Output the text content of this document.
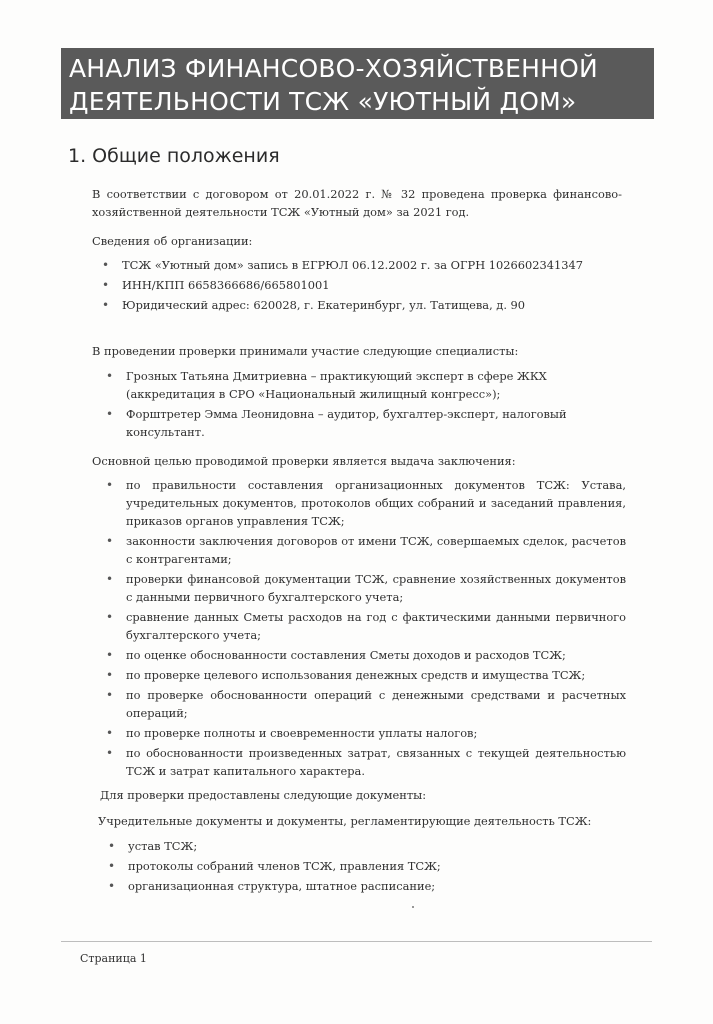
АНАЛИЗ ФИНАНСОВО-ХОЗЯЙСТВЕННОЙ
ДЕЯТЕЛЬНОСТИ ТСЖ «УЮТНЫЙ ДОМ»
1. Общие положения
В соответствии с договором от 20.01.2022 г. № 32 проведена проверка финансово-хозяйственной деятельности ТСЖ «Уютный дом» за 2021 год.
Сведения об организации:
• ТСЖ «Уютный дом» запись в ЕГРЮЛ 06.12.2002 г. за ОГРН 1026602341347
• ИНН/КПП 6658366686/665801001
• Юридический адрес: 620028, г. Екатеринбург, ул. Татищева, д. 90
В проведении проверки принимали участие следующие специалисты:
• Грозных Татьяна Дмитриевна – практикующий эксперт в сфере ЖКХ (аккредитация в СРО «Национальный жилищный конгресс»);
• Форштретер Эмма Леонидовна – аудитор, бухгалтер-эксперт, налоговый консультант.
Основной целью проводимой проверки является выдача заключения:
• по правильности составления организационных документов ТСЖ: Устава, учредительных документов, протоколов общих собраний и заседаний правления, приказов органов управления ТСЖ;
• законности заключения договоров от имени ТСЖ, совершаемых сделок, расчетов с контрагентами;
• проверки финансовой документации ТСЖ, сравнение хозяйственных документов с данными первичного бухгалтерского учета;
• сравнение данных Сметы расходов на год с фактическими данными первичного бухгалтерского учета;
• по оценке обоснованности составления Сметы доходов и расходов ТСЖ;
• по проверке целевого использования денежных средств и имущества ТСЖ;
• по проверке обоснованности операций с денежными средствами и расчетных операций;
• по проверке полноты и своевременности уплаты налогов;
• по обоснованности произведенных затрат, связанных с текущей деятельностью ТСЖ и затрат капитального характера.
Для проверки предоставлены следующие документы:
Учредительные документы и документы, регламентирующие деятельность ТСЖ:
• устав ТСЖ;
• протоколы собраний членов ТСЖ, правления ТСЖ;
• организационная структура, штатное расписание;
Страница 1
